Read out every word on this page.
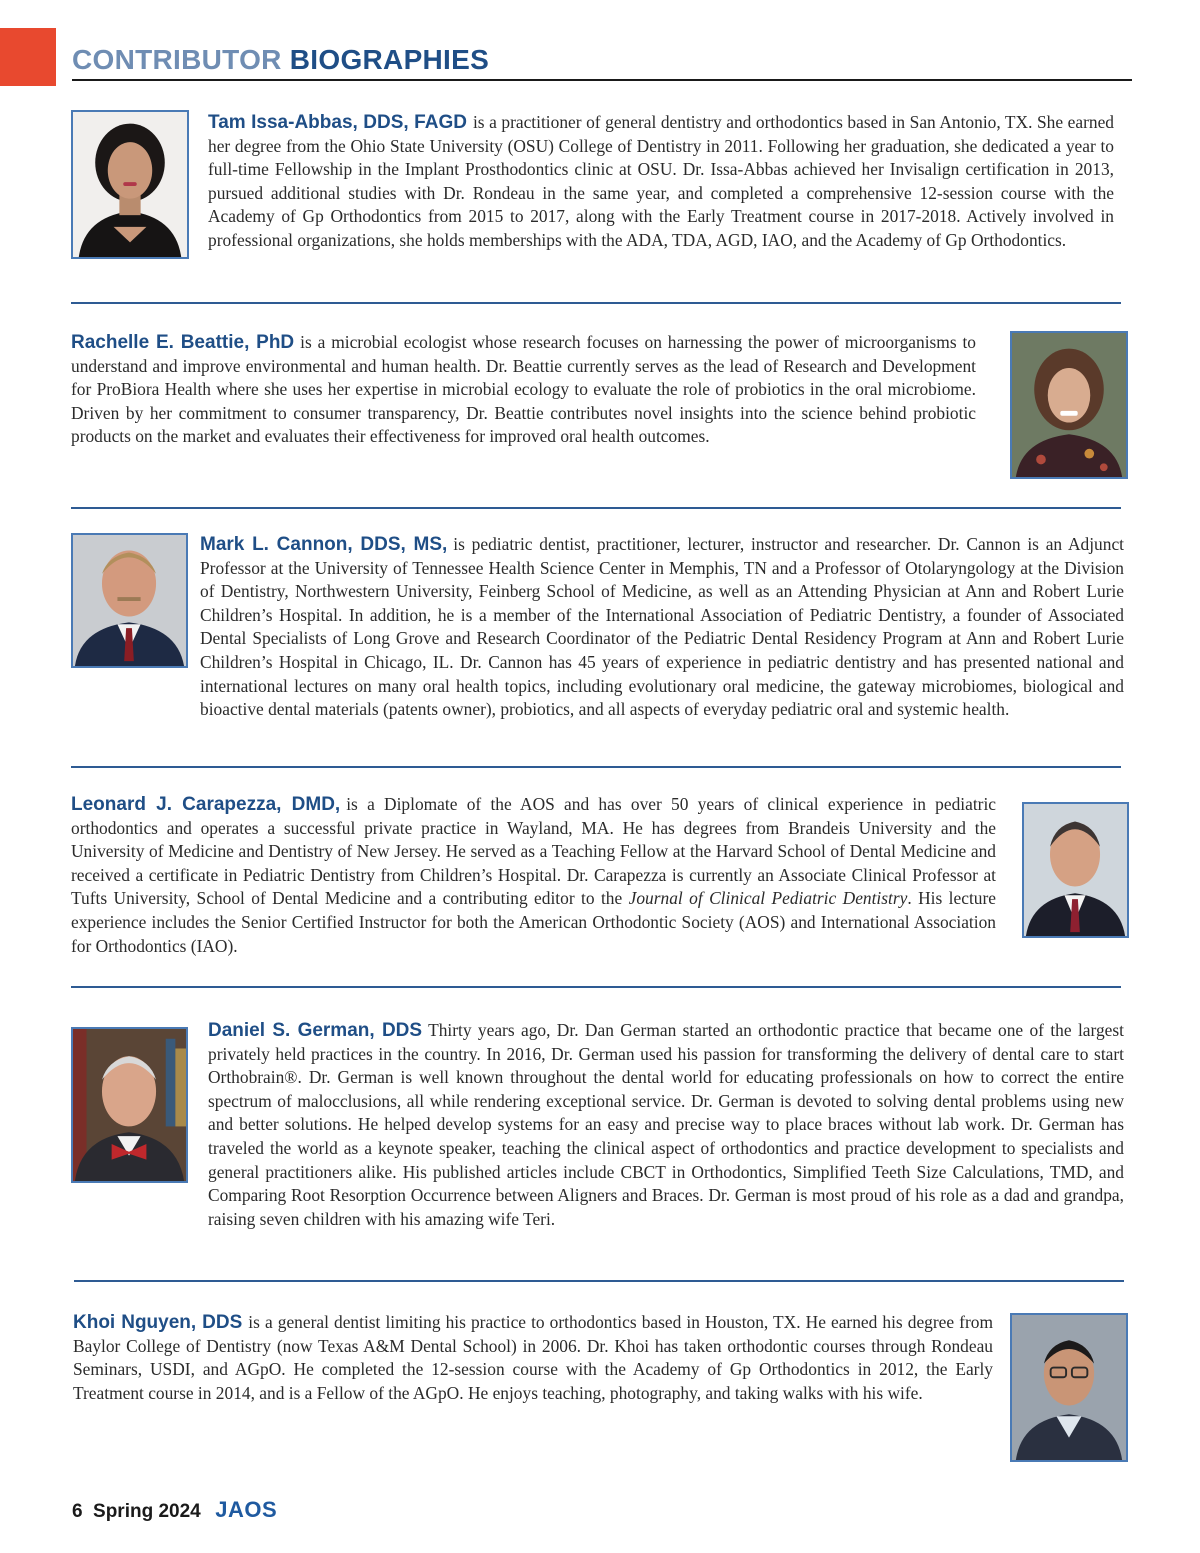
CONTRIBUTOR BIOGRAPHIES
Tam Issa-Abbas, DDS, FAGD is a practitioner of general dentistry and orthodontics based in San Antonio, TX. She earned her degree from the Ohio State University (OSU) College of Dentistry in 2011. Following her graduation, she dedicated a year to full-time Fellowship in the Implant Prosthodontics clinic at OSU. Dr. Issa-Abbas achieved her Invisalign certification in 2013, pursued additional studies with Dr. Rondeau in the same year, and completed a comprehensive 12-session course with the Academy of Gp Orthodontics from 2015 to 2017, along with the Early Treatment course in 2017-2018. Actively involved in professional organizations, she holds memberships with the ADA, TDA, AGD, IAO, and the Academy of Gp Orthodontics.
Rachelle E. Beattie, PhD is a microbial ecologist whose research focuses on harnessing the power of microorganisms to understand and improve environmental and human health. Dr. Beattie currently serves as the lead of Research and Development for ProBiora Health where she uses her expertise in microbial ecology to evaluate the role of probiotics in the oral microbiome. Driven by her commitment to consumer transparency, Dr. Beattie contributes novel insights into the science behind probiotic products on the market and evaluates their effectiveness for improved oral health outcomes.
Mark L. Cannon, DDS, MS, is pediatric dentist, practitioner, lecturer, instructor and researcher. Dr. Cannon is an Adjunct Professor at the University of Tennessee Health Science Center in Memphis, TN and a Professor of Otolaryngology at the Division of Dentistry, Northwestern University, Feinberg School of Medicine, as well as an Attending Physician at Ann and Robert Lurie Children’s Hospital. In addition, he is a member of the International Association of Pediatric Dentistry, a founder of Associated Dental Specialists of Long Grove and Research Coordinator of the Pediatric Dental Residency Program at Ann and Robert Lurie Children’s Hospital in Chicago, IL. Dr. Cannon has 45 years of experience in pediatric dentistry and has presented national and international lectures on many oral health topics, including evolutionary oral medicine, the gateway microbiomes, biological and bioactive dental materials (patents owner), probiotics, and all aspects of everyday pediatric oral and systemic health.
Leonard J. Carapezza, DMD, is a Diplomate of the AOS and has over 50 years of clinical experience in pediatric orthodontics and operates a successful private practice in Wayland, MA. He has degrees from Brandeis University and the University of Medicine and Dentistry of New Jersey. He served as a Teaching Fellow at the Harvard School of Dental Medicine and received a certificate in Pediatric Dentistry from Children’s Hospital. Dr. Carapezza is currently an Associate Clinical Professor at Tufts University, School of Dental Medicine and a contributing editor to the Journal of Clinical Pediatric Dentistry. His lecture experience includes the Senior Certified Instructor for both the American Orthodontic Society (AOS) and International Association for Orthodontics (IAO).
Daniel S. German, DDS Thirty years ago, Dr. Dan German started an orthodontic practice that became one of the largest privately held practices in the country. In 2016, Dr. German used his passion for transforming the delivery of dental care to start Orthobrain®. Dr. German is well known throughout the dental world for educating professionals on how to correct the entire spectrum of malocclusions, all while rendering exceptional service. Dr. German is devoted to solving dental problems using new and better solutions. He helped develop systems for an easy and precise way to place braces without lab work. Dr. German has traveled the world as a keynote speaker, teaching the clinical aspect of orthodontics and practice development to specialists and general practitioners alike. His published articles include CBCT in Orthodontics, Simplified Teeth Size Calculations, TMD, and Comparing Root Resorption Occurrence between Aligners and Braces. Dr. German is most proud of his role as a dad and grandpa, raising seven children with his amazing wife Teri.
Khoi Nguyen, DDS is a general dentist limiting his practice to orthodontics based in Houston, TX. He earned his degree from Baylor College of Dentistry (now Texas A&M Dental School) in 2006. Dr. Khoi has taken orthodontic courses through Rondeau Seminars, USDI, and AGpO. He completed the 12-session course with the Academy of Gp Orthodontics in 2012, the Early Treatment course in 2014, and is a Fellow of the AGpO. He enjoys teaching, photography, and taking walks with his wife.
6 Spring 2024 JAOS
